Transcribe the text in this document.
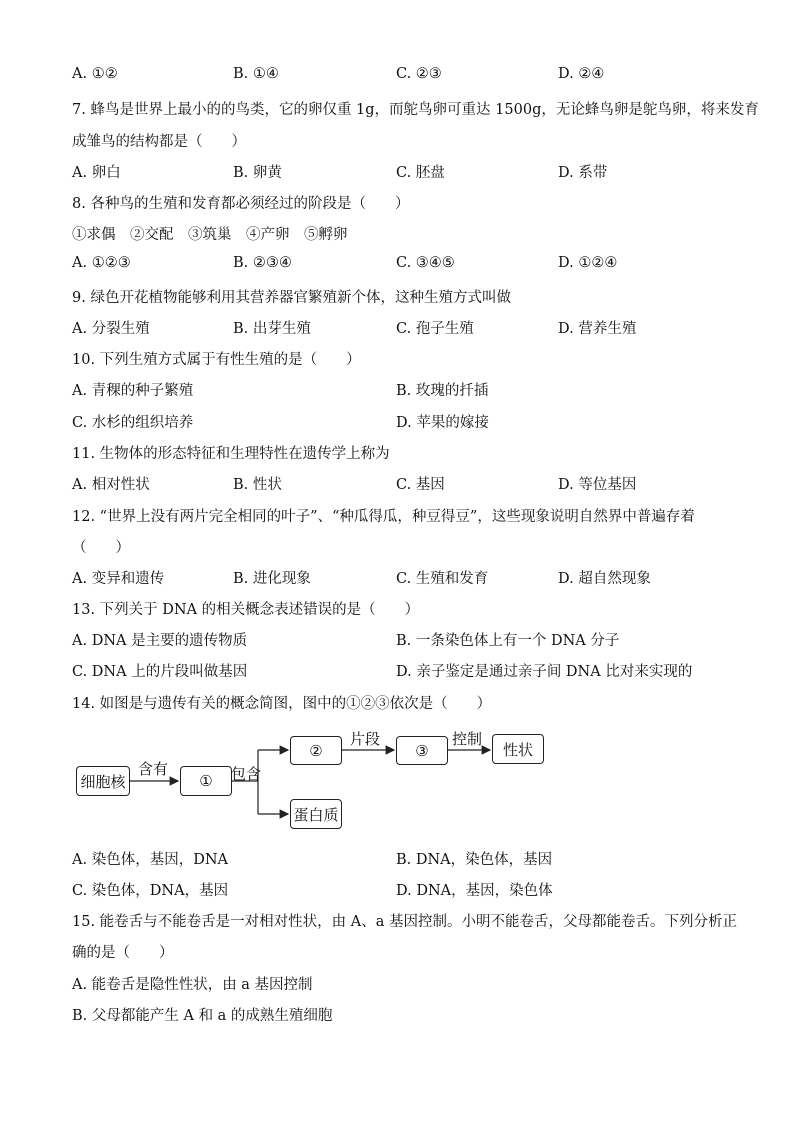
A. ①②	B. ①④	C. ②③	D. ②④
7. 蜂鸟是世界上最小的的鸟类，它的卵仅重 1g，而鸵鸟卵可重达 1500g，无论蜂鸟卵是鸵鸟卵，将来发育
成雏鸟的结构都是（　　）
A. 卵白	B. 卵黄	C. 胚盘	D. 系带
8. 各种鸟的生殖和发育都必须经过的阶段是（　　）
①求偶　②交配　③筑巢　④产卵　⑤孵卵
A. ①②③	B. ②③④	C. ③④⑤	D. ①②④
9. 绿色开花植物能够利用其营养器官繁殖新个体，这种生殖方式叫做
A. 分裂生殖	B. 出芽生殖	C. 孢子生殖	D. 营养生殖
10. 下列生殖方式属于有性生殖的是（　　）
A. 青稞的种子繁殖	B. 玫瑰的扦插
C. 水杉的组织培养	D. 苹果的嫁接
11. 生物体的形态特征和生理特性在遗传学上称为
A. 相对性状	B. 性状	C. 基因	D. 等位基因
12. “世界上没有两片完全相同的叶子”、“种瓜得瓜，种豆得豆”，这些现象说明自然界中普遍存着
（　　）
A. 变异和遗传	B. 进化现象	C. 生殖和发育	D. 超自然现象
13. 下列关于 DNA 的相关概念表述错误的是（　　）
A. DNA 是主要的遗传物质	B. 一条染色体上有一个 DNA 分子
C. DNA 上的片段叫做基因	D. 亲子鉴定是通过亲子间 DNA 比对来实现的
14. 如图是与遗传有关的概念简图，图中的①②③依次是（　　）
细胞核	①
②	③	性状
蛋白质
含有	包含
片段	控制
A. 染色体，基因，DNA	B. DNA，染色体，基因
C. 染色体，DNA，基因	D. DNA，基因，染色体
15. 能卷舌与不能卷舌是一对相对性状，由 A、a 基因控制。小明不能卷舌，父母都能卷舌。下列分析正
确的是（　　）
A. 能卷舌是隐性性状，由 a 基因控制
B. 父母都能产生 A 和 a 的成熟生殖细胞
